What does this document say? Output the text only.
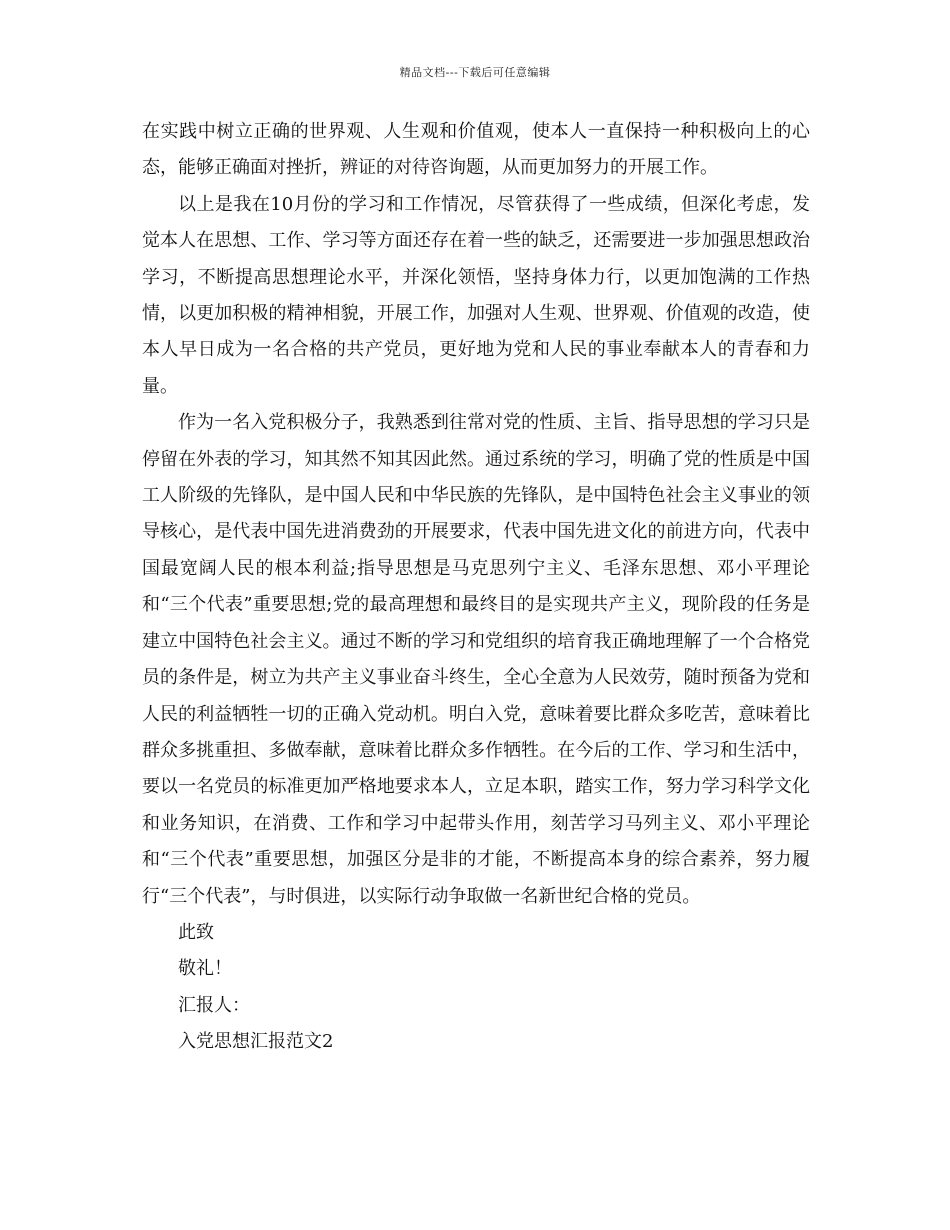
精品文档---下载后可任意编辑

在实践中树立正确的世界观、人生观和价值观，使本人一直保持一种积极向上的心态，能够正确面对挫折，辨证的对待咨询题，从而更加努力的开展工作。

以上是我在10月份的学习和工作情况，尽管获得了一些成绩，但深化考虑，发觉本人在思想、工作、学习等方面还存在着一些的缺乏，还需要进一步加强思想政治学习，不断提高思想理论水平，并深化领悟，坚持身体力行，以更加饱满的工作热情，以更加积极的精神相貌，开展工作，加强对人生观、世界观、价值观的改造，使本人早日成为一名合格的共产党员，更好地为党和人民的事业奉献本人的青春和力量。

作为一名入党积极分子，我熟悉到往常对党的性质、主旨、指导思想的学习只是停留在外表的学习，知其然不知其因此然。通过系统的学习，明确了党的性质是中国工人阶级的先锋队，是中国人民和中华民族的先锋队，是中国特色社会主义事业的领导核心，是代表中国先进消费劲的开展要求，代表中国先进文化的前进方向，代表中国最宽阔人民的根本利益;指导思想是马克思列宁主义、毛泽东思想、邓小平理论和“三个代表”重要思想;党的最高理想和最终目的是实现共产主义，现阶段的任务是建立中国特色社会主义。通过不断的学习和党组织的培育我正确地理解了一个合格党员的条件是，树立为共产主义事业奋斗终生，全心全意为人民效劳，随时预备为党和人民的利益牺牲一切的正确入党动机。明白入党，意味着要比群众多吃苦，意味着比群众多挑重担、多做奉献，意味着比群众多作牺牲。在今后的工作、学习和生活中，要以一名党员的标准更加严格地要求本人，立足本职，踏实工作，努力学习科学文化和业务知识，在消费、工作和学习中起带头作用，刻苦学习马列主义、邓小平理论和“三个代表”重要思想，加强区分是非的才能，不断提高本身的综合素养，努力履行“三个代表”，与时俱进，以实际行动争取做一名新世纪合格的党员。

此致

敬礼！

汇报人：

入党思想汇报范文2
